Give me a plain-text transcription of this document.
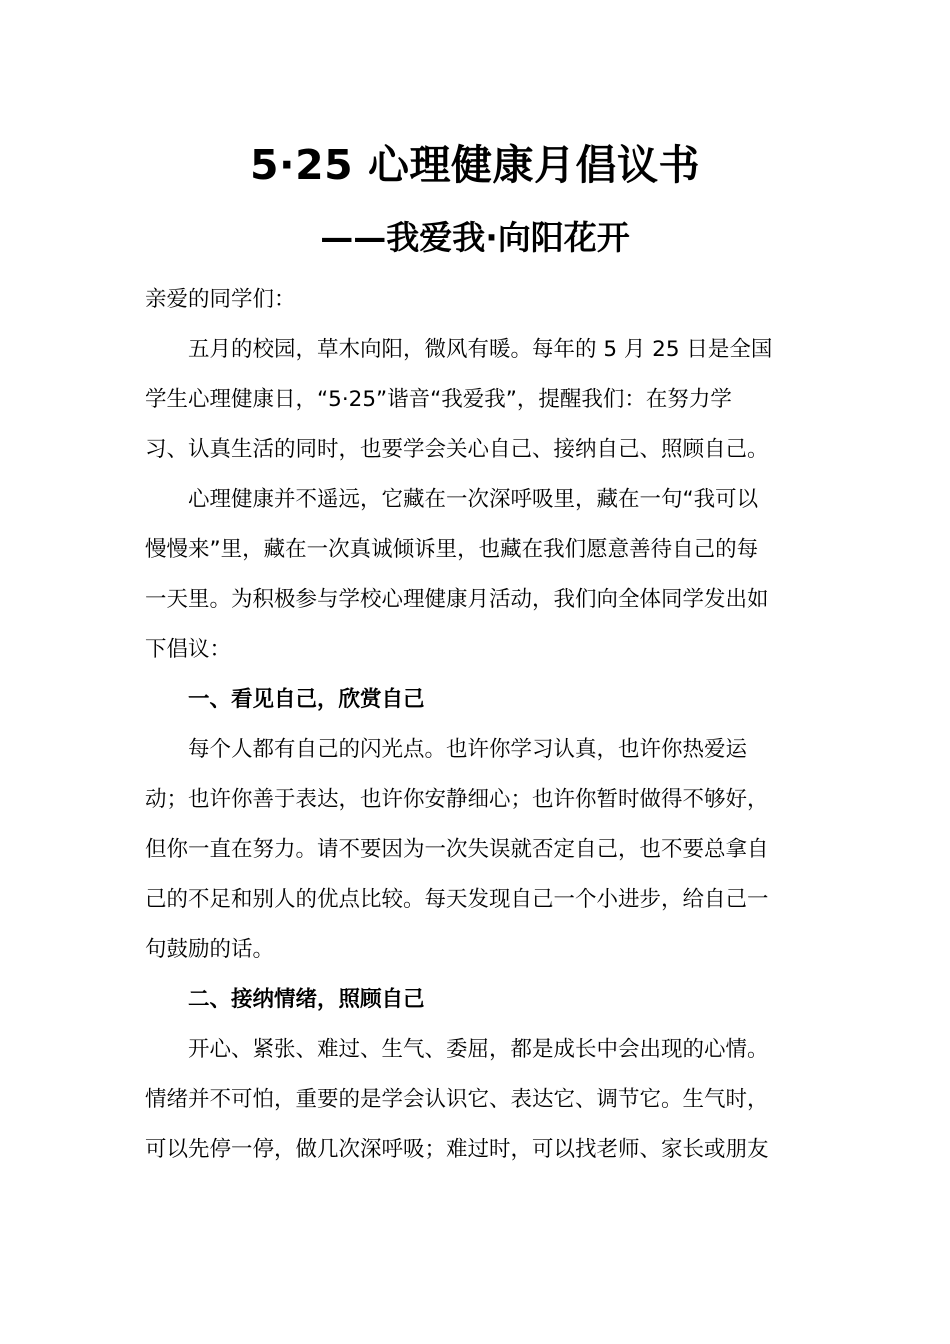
5·25 心理健康月倡议书
——我爱我·向阳花开
亲爱的同学们：
五月的校园，草木向阳，微风有暖。每年的 5 月 25 日是全国
学生心理健康日，“5·25”谐音“我爱我”，提醒我们：在努力学
习、认真生活的同时，也要学会关心自己、接纳自己、照顾自己。
心理健康并不遥远，它藏在一次深呼吸里，藏在一句“我可以
慢慢来”里，藏在一次真诚倾诉里，也藏在我们愿意善待自己的每
一天里。为积极参与学校心理健康月活动，我们向全体同学发出如
下倡议：
一、看见自己，欣赏自己
每个人都有自己的闪光点。也许你学习认真，也许你热爱运
动；也许你善于表达，也许你安静细心；也许你暂时做得不够好，
但你一直在努力。请不要因为一次失误就否定自己，也不要总拿自
己的不足和别人的优点比较。每天发现自己一个小进步，给自己一
句鼓励的话。
二、接纳情绪，照顾自己
开心、紧张、难过、生气、委屈，都是成长中会出现的心情。
情绪并不可怕，重要的是学会认识它、表达它、调节它。生气时，
可以先停一停，做几次深呼吸；难过时，可以找老师、家长或朋友
